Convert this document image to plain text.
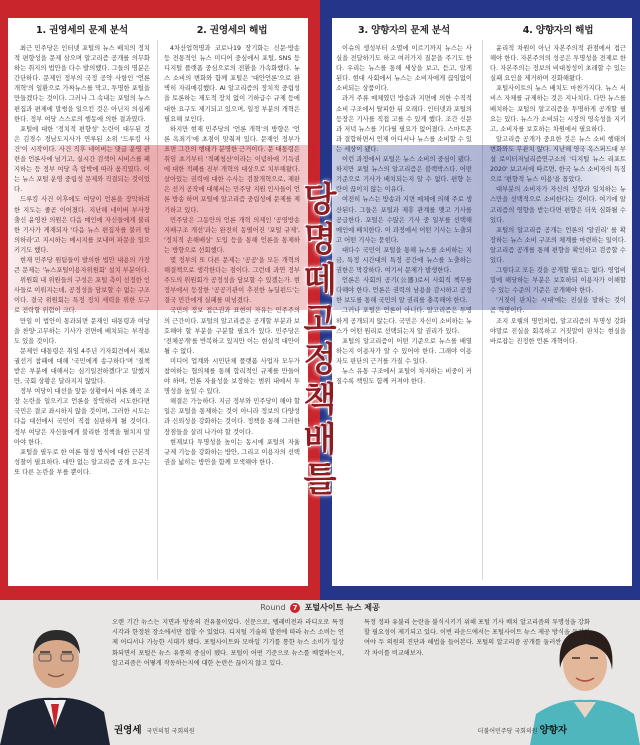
1. 권영세의 문제 분석

최근 민주당은 인터넷 포털의 뉴스 배치의 정치적 편향성을 문제 삼으며 알고리즘 공개를 의무화하는 취지의 법안을 다수 발의했다. 그들의 명분은 간단하다. 문제인 정부의 국정 공약 사항인 '언론개혁'의 일환으로 가짜뉴스를 막고, 투명한 포털을 만들겠다는 것이다. 그러나 그 속내는 포털의 뉴스 편집과 편제에 말썽을 일으킨 것은 아닌지 의심케 한다. 정부 여당 스스로의 행동에 의한 결과였다.

포털에 대한 '정치적 편향성' 논란이 대두된 것은 김경수 경남도지사가 연루된 소위 '드루킹 사건'이 시작이다. 사건 직후 네이버는 댓글 운영 관련을 언론사에 넘기고, 실시간 검색어 서비스를 폐지하는 등 정부 여당 측 압박에 따라 움직였다. 이는 뉴스 포털 운영 중립성 문제와 직결되는 것이었다.

드루킹 사건 이후에도 여당이 언론을 장악하려 한 지도는 줄곧 이어졌다. 지난해 네이버 부사장 출신 윤영찬 의원은 다음 메인에 자신들에게 불리한 기사가 게재되자 '다음 뉴스 편집자를 불러 항의하라'고 지시하는 메시지를 보내며 파문을 일으키기도 했다.

현재 민주당 원팀들이 발의한 법안 내용의 가장 큰 문제는 '뉴스포털이용자위원회' 설치 부분이다.

위원회 내 위원들의 구성은 포털 측이 선정한 인사들로 이뤄지는데, 공정성을 담보할 수 없는 구조이다. 결국 위원회는 특정 정치 세력을 위한 도구로 전락할 위험이 크다.

만일 이 법안이 통과되면 문재인 대통령과 여당을 찬양·고무하는 기사가 전면에 배치되는 부작용도 있을 것이다.

문제인 대통령은 취임 4주년 기자회견에서 재보궐선거 참패에 대해 '국민에게 송구하다'며 '질책 받은 부분에 대해서는 심기일전하겠다'고 말했지만, 국회 상황은 달라지지 않았다.

정부 여당이 대선을 앞둔 상황에서 여론 왜곡 조장 논란을 일으키고 언론을 장악하려 시도한다면 국민은 결코 좌시하지 않을 것이며, 그러한 시도는 다음 대선에서 국민이 직접 심판하게 될 것이다. 정부 여당은 자신들에게 불리한 정책을 펼치지 말아야 한다.

포털을 필두로 한 여론 형성 방식에 대한 근본적 성찰이 필요하다. 대안 없는 알고리즘 공개 요구는 또 다른 논란을 부를 뿐이다.

2. 권영세의 해법

4차산업혁명과 코로나19 장기화는 신문·방송 등 전통적인 뉴스 미디어 중심에서 포털, SNS 등 디지털 플랫폼 중심으로의 전환을 가속화했다. 뉴스 소비의 변화와 함께 포털은 '대안언론'으로 완벽히 자리매김했다. AI 알고리즘의 정치적 중립성을 토론하는 제도적 장치 없이 기하급수 규제 등에 대한 요구도 제기되고 있으며, 일정 부분의 개혁은 필요해 보인다.

하지만 현재 민주당의 '언론 개혁'의 방향은 '언론 옥죄기'에 초점이 맞춰져 있다. 문재인 정부가 표면 그간의 행태가 분명한 근거이다. 문 대통령은 취임 초기부터 '적폐청산'이라는 이념하에 기득권에 대한 적폐를 진부 개혁의 대상으로 치부해왔다. 살아있는 권력에 대한 수사는 검찰개혁으로, 재판은 선거 공작에 대해서는 민주당 지원 인사들이 언론 방송 하며 포털에 알고리즘 중립성에 문제를 제기하고 있다.

민주당은 그동안의 언론 개혁 의제인 '공영방송 지배구조 개선'과는 완전히 동떨어진 '포털 규제', '정치적 손해배상' 도입 등을 통해 언론을 통제하는 방향으로 선회했다.

몇 정부의 또 다른 문제는 '공공'을 모든 개혁의 해결책으로 생각한다는 점이다. 그런데 과연 정부 주도의 위원회가 공정성을 담보할 수 있겠는가. 현 정부에서 등장한 '공공기관이 추진한 뉴딜펀드'는 결국 민간에게 실패를 떠넘겼다.

국민의 정보 접근권과 표현의 자유는 민주주의의 근간이다. 포털의 알고리즘은 공개할 부분과 보호해야 할 부분을 구분할 필요가 있다. 민주당은 '전체공개'를 반복하고 있지만 이는 현실적 대안이 될 수 없다.

미디어 업계와 시민단체 플랫폼 사업자 모두가 참여하는 협의체를 통해 합리적인 규제를 만들어야 하며, 언론 자율성을 보장하는 범위 내에서 투명성을 높일 수 있다.

해결은 가능하다. 지금 정부와 민주당이 해야 할 일은 포털을 통제하는 것이 아니라 정보의 다양성과 신뢰성을 강화하는 것이다. 정책을 통해 그러한 장점들을 살려 나가야 할 것이다.

현재보다 투명성을 높이는 동시에 포털의 자율 규제 기능을 강화하는 방안, 그리고 이용자의 선택권을 넓히는 방안을 함께 모색해야 한다.

3. 양향자의 문제 분석

이슈의 생성부터 소멸에 이르기까지 뉴스는 사실을 전달하기도 하고 여러가지 질문을 주기도 한다. 우리는 뉴스를 통해 세상을 보고, 듣고, 알게 된다. 현대 사회에서 뉴스는 소비자에게 끊임없이 소비되는 상품이다.

과거 주류 매체였던 방송과 지면에 의한 수직적 소비 구조에서 탈피한 뒤 오래다. 인터넷과 포털의 등장은 기사를 직접 고를 수 있게 했다. 조간 신문과 저녁 뉴스를 기다릴 필요가 없어졌다. 스마트폰과 결합하면서 언제 어디서나 뉴스를 소비할 수 있는 세상이 됐다.

이런 과정에서 포털은 뉴스 소비의 중심이 됐다. 하지만 포털 뉴스의 알고리즘은 블랙박스다. 어떤 기준으로 기사가 배치되는지 알 수 없다. 편향 논란이 끊이지 않는 이유다.

여전히 뉴스는 방송과 지면 매체에 의해 주로 생산된다. 그들은 포털과 제휴 관계를 맺고 기사를 공급한다. 포털은 수많은 기사 중 일부를 선택해 메인에 배치한다. 이 과정에서 어떤 기사는 노출되고 어떤 기사는 묻힌다.

대다수 국민이 포털을 통해 뉴스를 소비하는 지금, 특정 시간대의 특정 공간에 뉴스를 노출하는 권한은 막강하다. 여기서 문제가 발생한다.

언론은 사회의 공기(公器)로서 사회적 책무를 다해야 한다. 언론은 권력의 남용을 감시하고 공정한 보도를 통해 국민의 알 권리를 충족해야 한다.

그러나 포털은 언론이 아니다. 알고리즘은 투명하게 공개되지 않는다. 국민은 자신이 소비하는 뉴스가 어떤 원리로 선택되는지 알 권리가 있다.

포털의 알고리즘이 어떤 기준으로 뉴스를 배열하는지 이용자가 알 수 있어야 한다. 그래야 이용자도 판단의 근거를 가질 수 있다.

뉴스 유통 구조에서 포털이 차지하는 비중이 커질수록 책임도 함께 커져야 한다.

4. 양향자의 해법

윤리적 차원이 아닌 자본주의적 관점에서 접근해야 한다. 자본주의의 성공은 투명성을 전제로 한다. 자본주의는 정보의 비대칭성이 초래할 수 있는 실패 요인을 제거하며 진화해왔다.

포털사이트의 뉴스 배치도 마찬가지다. 뉴스 서비스 자체를 규제하는 것은 지나치다. 다만 뉴스를 배치하는 포털의 알고리즘을 투명하게 공개할 필요는 있다. 뉴스가 소비되는 시장의 영속성을 지키고, 소비자를 보호하는 차원에서 필요하다.

알고리즘 공개가 중요한 것은 뉴스 소비 행태의 변화와도 무관치 않다. 지난해 영국 옥스퍼드대 부설 로이터저널리즘연구소의 '디지털 뉴스 리포트 2020' 보고서에 따르면, 한국 뉴스 소비자의 특징으로 '편향적 뉴스 이용'을 꼽았다.

대부분의 소비자가 자신의 성향과 일치하는 뉴스만을 선택적으로 소비한다는 것이다. 여기에 알고리즘의 영향을 받는다면 편향은 더욱 심화될 수 있다.

포털의 알고리즘 공개는 언론의 '알권리' 를 확장하는 뉴스 소비 구조의 체계를 마련하는 일이다. 알고리즘 공개를 통해 편향을 확인하고 검증할 수 있다.

그렇다고 모든 것을 공개할 필요는 없다. 영업비밀에 해당하는 부분은 보호하되 이용자가 이해할 수 있는 수준의 기준은 공개해야 한다.

'거짓이 판치는 시대'에는 진실을 말하는 것이 곧 혁명이다.

조지 오웰의 명언처럼, 알고리즘의 투명성 강화야말로 진실을 회복하고 거짓말이 판치는 현실을 바로잡는 진정한 언론 개혁이다.

당
명
떼
고
정
책
배
틀
Round 7 포털사이트 뉴스 제공
오랜 기간 뉴스는 지면과 방송의 전유물이었다. 신문으로, 텔레비전과 라디오로 특정 시각과 한정된 장소에서만 접할 수 있었다. 디지털 기술의 발전에 따라 뉴스 소비는 언제 어디서나 가능한 시대가 됐다. 포털사이트와 모바일 기기를 통한 뉴스 소비가 일상화되면서 포털은 뉴스 유통의 중심이 됐다. 포털이 어떤 기준으로 뉴스를 배열하는지, 알고리즘은 어떻게 작동하는지에 대한 논란은 끊이지 않고 있다.
특정 정파 유불리 논란을 불식시키기 위해 포털 기사 배치 알고리즘의 투명성을 강화할 필요성이 제기되고 있다. 이번 라운드에서는 포털사이트 뉴스 제공 방식을 둘러싼 여야 두 의원의 진단과 해법을 들어본다. 포털의 알고리즘 공개를 둘러싼 양측의 시각 차이를 비교해보자.
권영세 국민의힘 국회의원	더불어민주당 국회의원 양향자
